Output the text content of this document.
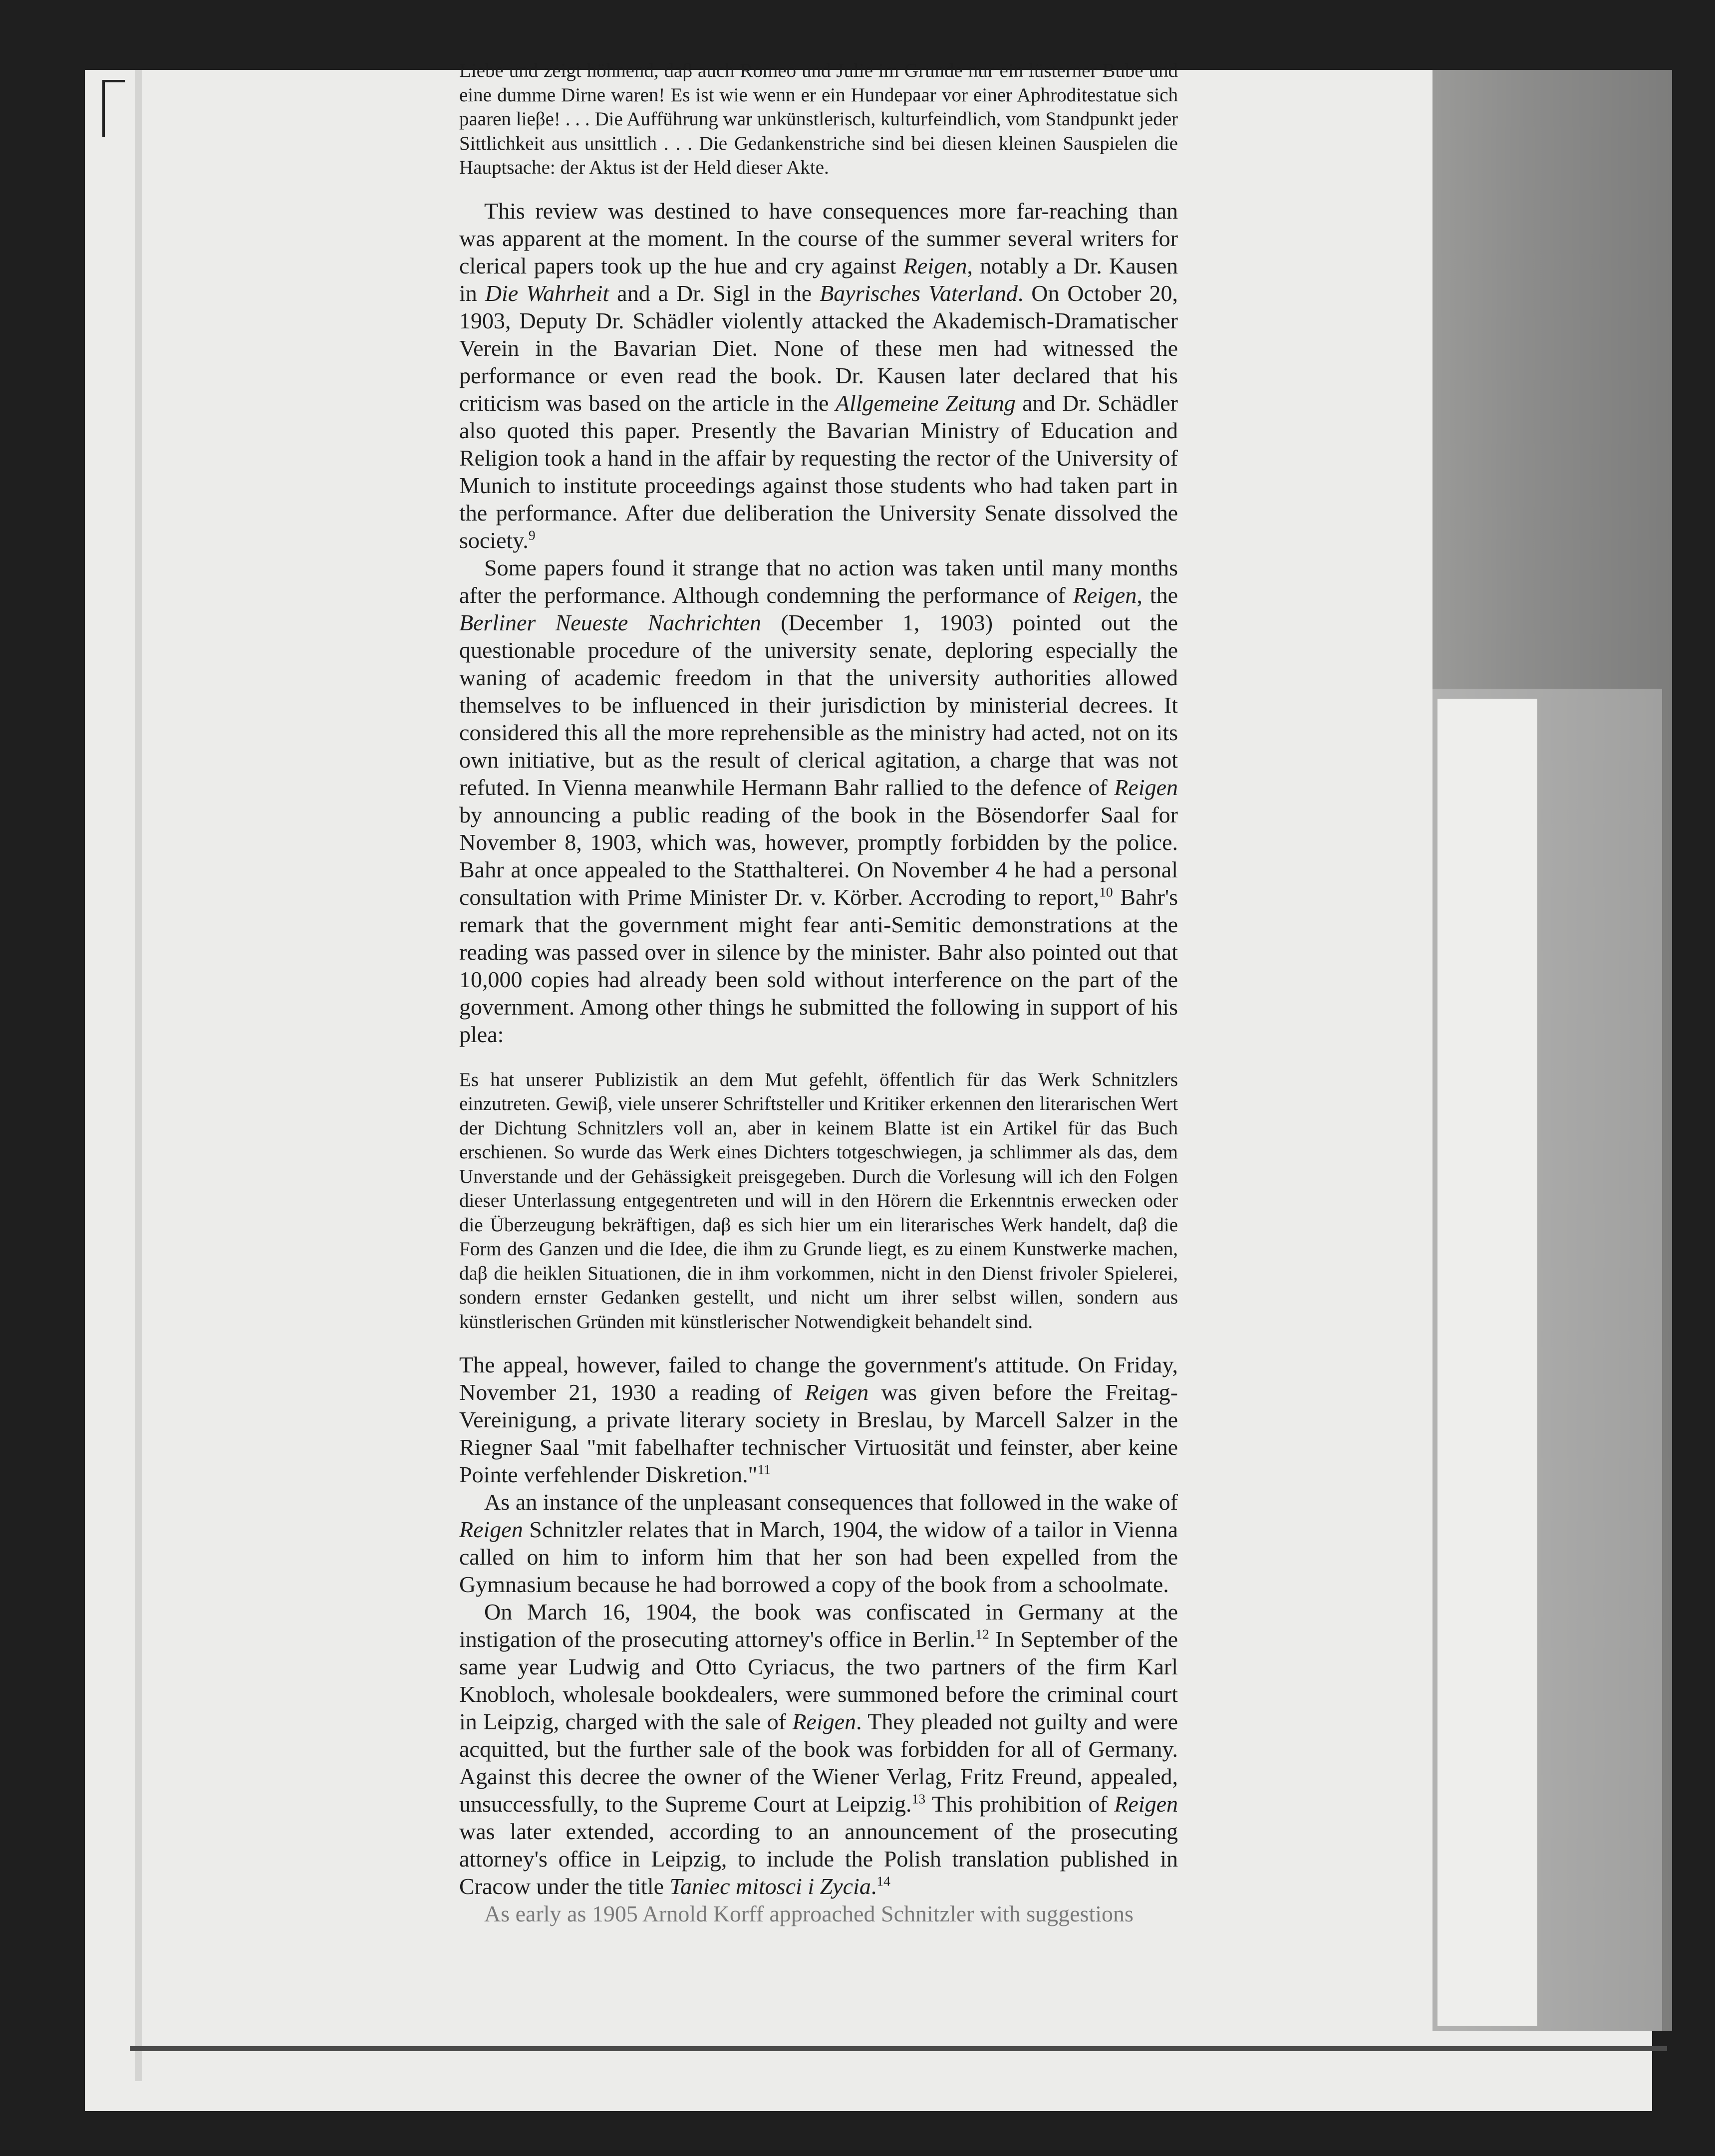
Liebe und zeigt höhnend, daβ auch Romeo und Julie im Grunde nur ein lüsterner Bube und eine dumme Dirne waren! Es ist wie wenn er ein Hundepaar vor einer Aphroditestatue sich paaren lieβe! . . . Die Aufführung war unkünstlerisch, kulturfeindlich, vom Standpunkt jeder Sittlichkeit aus unsittlich . . . Die Gedankenstriche sind bei diesen kleinen Sauspielen die Hauptsache: der Aktus ist der Held dieser Akte.

This review was destined to have consequences more far-reaching than was apparent at the moment. In the course of the summer several writers for clerical papers took up the hue and cry against Reigen, notably a Dr. Kausen in Die Wahrheit and a Dr. Sigl in the Bayrisches Vaterland. On October 20, 1903, Deputy Dr. Schädler violently attacked the Akademisch-Dramatischer Verein in the Bavarian Diet. None of these men had witnessed the performance or even read the book. Dr. Kausen later declared that his criticism was based on the article in the Allgemeine Zeitung and Dr. Schädler also quoted this paper. Presently the Bavarian Ministry of Education and Religion took a hand in the affair by requesting the rector of the University of Munich to institute proceedings against those students who had taken part in the performance. After due deliberation the University Senate dissolved the society.$^9$

Some papers found it strange that no action was taken until many months after the performance. Although condemning the performance of Reigen, the Berliner Neueste Nachrichten (December 1, 1903) pointed out the questionable procedure of the university senate, deploring especially the waning of academic freedom in that the university authorities allowed themselves to be influenced in their jurisdiction by ministerial decrees. It considered this all the more reprehensible as the ministry had acted, not on its own initiative, but as the result of clerical agitation, a charge that was not refuted. In Vienna meanwhile Hermann Bahr rallied to the defence of Reigen by announcing a public reading of the book in the Bösendorfer Saal for November 8, 1903, which was, however, promptly forbidden by the police. Bahr at once appealed to the Statthalterei. On November 4 he had a personal consultation with Prime Minister Dr. v. Körber. Accroding to report,$^{10}$ Bahr's remark that the government might fear anti-Semitic demonstrations at the reading was passed over in silence by the minister. Bahr also pointed out that 10,000 copies had already been sold without interference on the part of the government. Among other things he submitted the following in support of his plea:

Es hat unserer Publizistik an dem Mut gefehlt, öffentlich für das Werk Schnitzlers einzutreten. Gewiβ, viele unserer Schriftsteller und Kritiker erkennen den literarischen Wert der Dichtung Schnitzlers voll an, aber in keinem Blatte ist ein Artikel für das Buch erschienen. So wurde das Werk eines Dichters totgeschwiegen, ja schlimmer als das, dem Unverstande und der Gehässigkeit preisgegeben. Durch die Vorlesung will ich den Folgen dieser Unterlassung entgegentreten und will in den Hörern die Erkenntnis erwecken oder die Überzeugung bekräftigen, daβ es sich hier um ein literarisches Werk handelt, daβ die Form des Ganzen und die Idee, die ihm zu Grunde liegt, es zu einem Kunstwerke machen, daβ die heiklen Situationen, die in ihm vorkommen, nicht in den Dienst frivoler Spielerei, sondern ernster Gedanken gestellt, und nicht um ihrer selbst willen, sondern aus künstlerischen Gründen mit künstlerischer Notwendigkeit behandelt sind.

The appeal, however, failed to change the government's attitude. On Friday, November 21, 1930 a reading of Reigen was given before the Freitag-Vereinigung, a private literary society in Breslau, by Marcell Salzer in the Riegner Saal "mit fabelhafter technischer Virtuosität und feinster, aber keine Pointe verfehlender Diskretion."$^{11}$

As an instance of the unpleasant consequences that followed in the wake of Reigen Schnitzler relates that in March, 1904, the widow of a tailor in Vienna called on him to inform him that her son had been expelled from the Gymnasium because he had borrowed a copy of the book from a schoolmate.

On March 16, 1904, the book was confiscated in Germany at the instigation of the prosecuting attorney's office in Berlin.$^{12}$ In September of the same year Ludwig and Otto Cyriacus, the two partners of the firm Karl Knobloch, wholesale bookdealers, were summoned before the criminal court in Leipzig, charged with the sale of Reigen. They pleaded not guilty and were acquitted, but the further sale of the book was forbidden for all of Germany. Against this decree the owner of the Wiener Verlag, Fritz Freund, appealed, unsuccessfully, to the Supreme Court at Leipzig.$^{13}$ This prohibition of Reigen was later extended, according to an announcement of the prosecuting attorney's office in Leipzig, to include the Polish translation published in Cracow under the title Taniec mitosci i Zycia.$^{14}$

As early as 1905 Arnold Korff approached Schnitzler with suggestions
